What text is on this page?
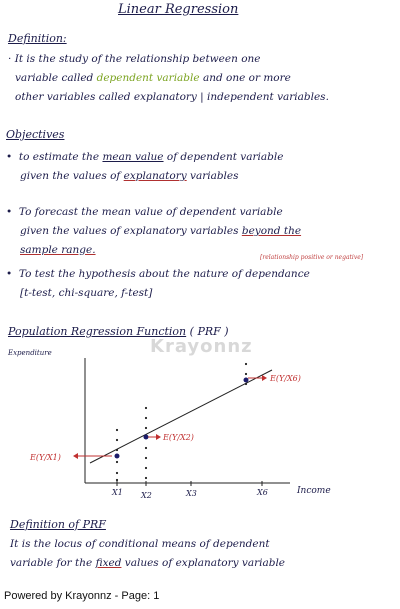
Linear Regression
Definition:
· It is the study of the relationship between one
variable called dependent variable and one or more
other variables called explanatory | independent variables.
Objectives
•  to estimate the mean value of dependent variable
given the values of explanatory variables
•  To forecast the mean value of dependent variable
given the values of explanatory variables beyond the
sample range.
[relationship positive or negative]
•  To test the hypothesis about the nature of dependance
[t-test, chi-square, f-test]
Krayonnz
Population Regression Function ( PRF )
Expenditure
E(Y/X6)
E(Y/X2)
E(Y/X1)
X1 X2	X3	X6	Income
Definition of PRF
It is the locus of conditional means of dependent
variable for the fixed values of explanatory variable
Powered by Krayonnz - Page: 1
